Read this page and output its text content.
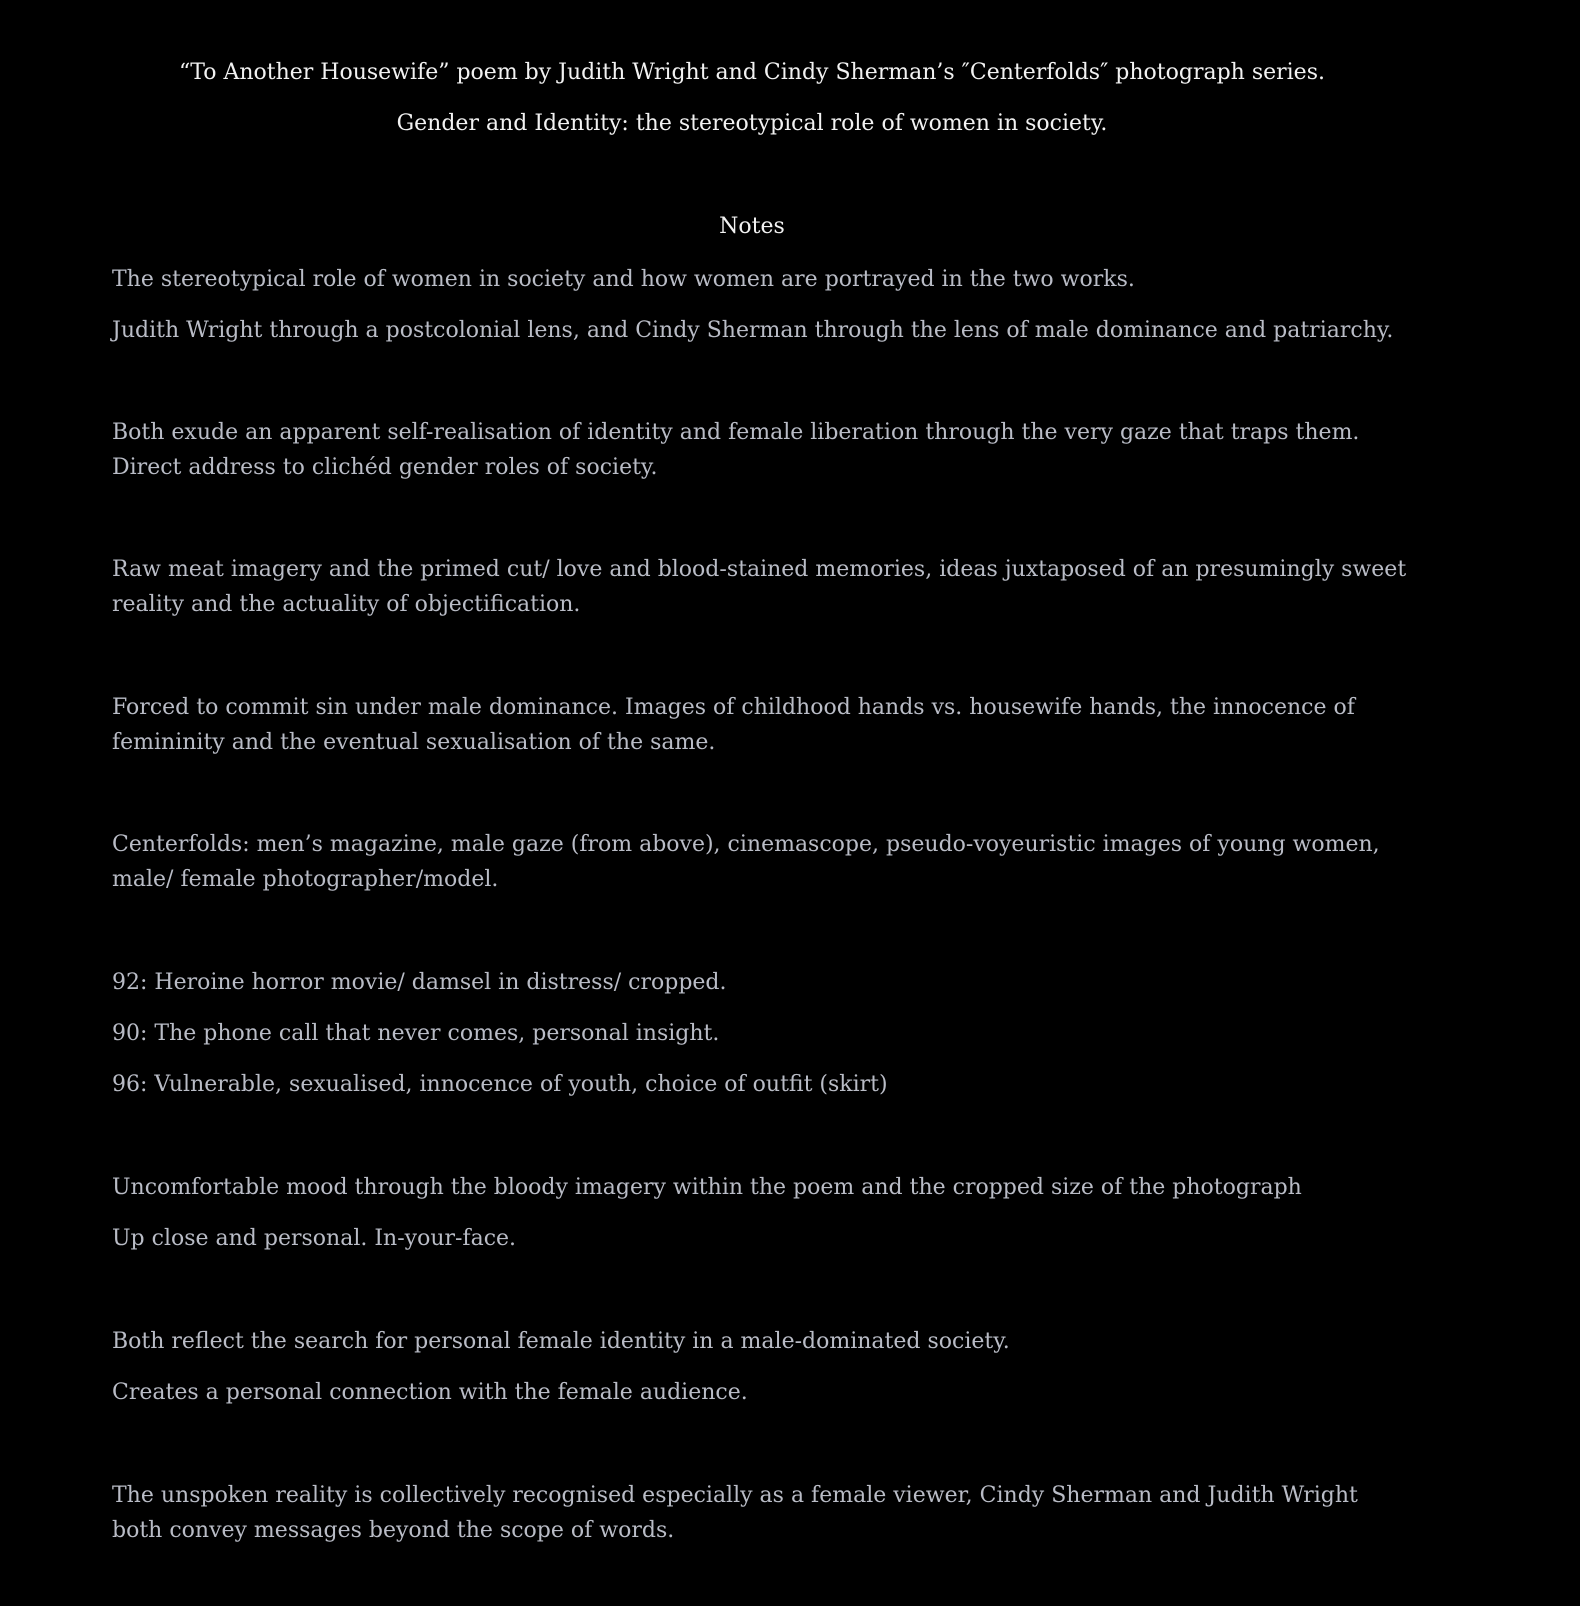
“To Another Housewife” poem by Judith Wright and Cindy Sherman’s ″Centerfolds″ photograph series.
Gender and Identity: the stereotypical role of women in society.
Notes

The stereotypical role of women in society and how women are portrayed in the two works.

Judith Wright through a postcolonial lens, and Cindy Sherman through the lens of male dominance and patriarchy.

Both exude an apparent self-realisation of identity and female liberation through the very gaze that traps them. Direct address to clichéd gender roles of society.

Raw meat imagery and the primed cut/ love and blood-stained memories, ideas juxtaposed of an presumingly sweet reality and the actuality of objectification.

Forced to commit sin under male dominance. Images of childhood hands vs. housewife hands, the innocence of femininity and the eventual sexualisation of the same.

Centerfolds: men’s magazine, male gaze (from above), cinemascope, pseudo-voyeuristic images of young women, male/ female photographer/model.

92: Heroine horror movie/ damsel in distress/ cropped.

90: The phone call that never comes, personal insight.

96: Vulnerable, sexualised, innocence of youth, choice of outfit (skirt)

Uncomfortable mood through the bloody imagery within the poem and the cropped size of the photograph

Up close and personal. In-your-face.

Both reflect the search for personal female identity in a male-dominated society.

Creates a personal connection with the female audience.

The unspoken reality is collectively recognised especially as a female viewer, Cindy Sherman and Judith Wright both convey messages beyond the scope of words.
